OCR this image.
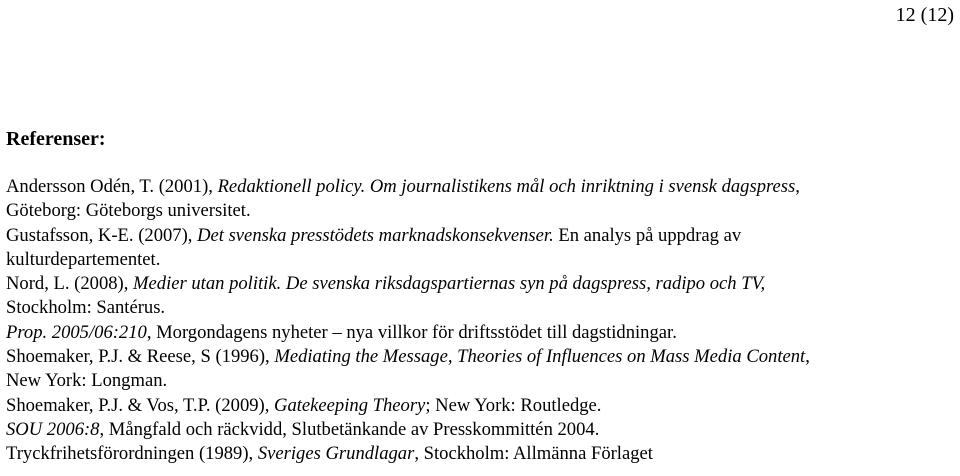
12 (12)
Referenser:
Andersson Odén, T. (2001), Redaktionell policy. Om journalistikens mål och inriktning i svensk dagspress,
Göteborg: Göteborgs universitet.
Gustafsson, K-E. (2007), Det svenska presstödets marknadskonsekvenser. En analys på uppdrag av
kulturdepartementet.
Nord, L. (2008), Medier utan politik. De svenska riksdagspartiernas syn på dagspress, radipo och TV,
Stockholm: Santérus.
Prop. 2005/06:210, Morgondagens nyheter – nya villkor för driftsstödet till dagstidningar.
Shoemaker, P.J. & Reese, S (1996), Mediating the Message, Theories of Influences on Mass Media Content,
New York: Longman.
Shoemaker, P.J. & Vos, T.P. (2009), Gatekeeping Theory; New York: Routledge.
SOU 2006:8, Mångfald och räckvidd, Slutbetänkande av Presskommittén 2004.
Tryckfrihetsförordningen (1989), Sveriges Grundlagar, Stockholm: Allmänna Förlaget
